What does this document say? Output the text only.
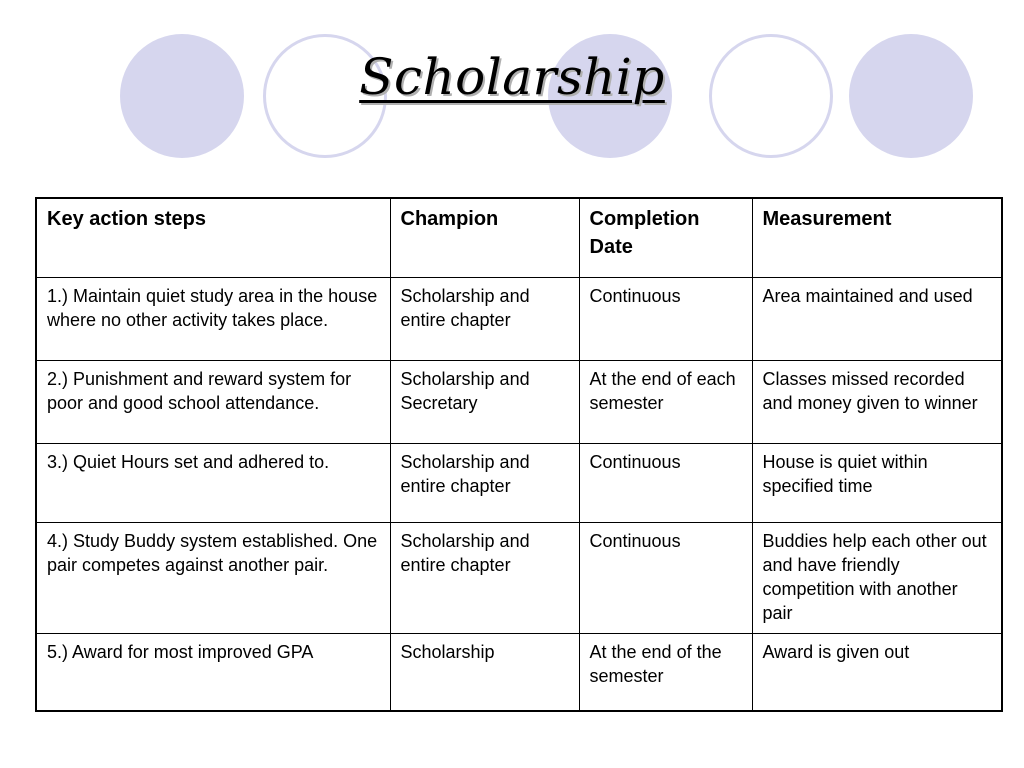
Scholarship
Key action steps	Champion	Completion Date	Measurement
1.) Maintain quiet study area in the house where no other activity takes place.	Scholarship and entire chapter	Continuous	Area maintained and used
2.) Punishment and reward system for poor and good school attendance.	Scholarship and Secretary	At the end of each semester	Classes missed recorded and money given to winner
3.) Quiet Hours set and adhered to.	Scholarship and entire chapter	Continuous	House is quiet within specified time
4.) Study Buddy system established. One pair competes against another pair.	Scholarship and entire chapter	Continuous	Buddies help each other out and have friendly competition with another pair
5.) Award for most improved GPA	Scholarship	At the end of the semester	Award is given out
